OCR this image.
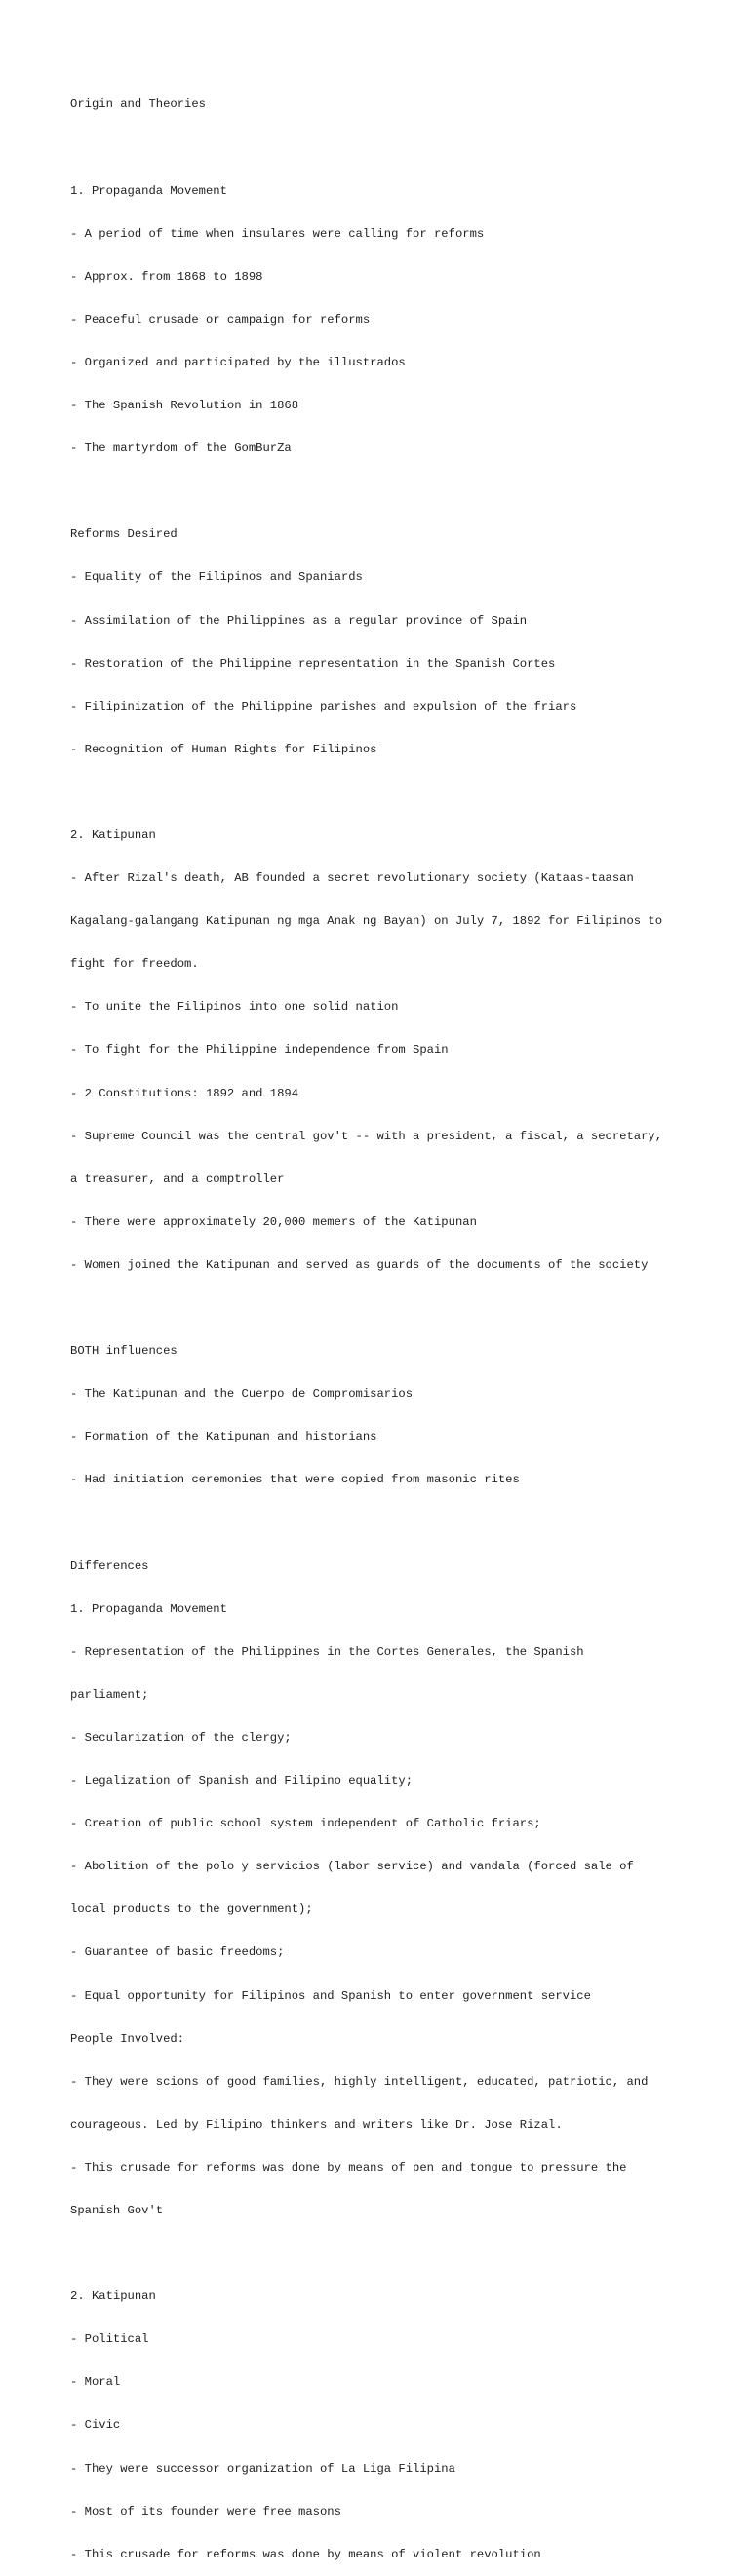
Origin and Theories

1. Propaganda Movement

- A period of time when insulares were calling for reforms

- Approx. from 1868 to 1898

- Peaceful crusade or campaign for reforms

- Organized and participated by the illustrados

- The Spanish Revolution in 1868

- The martyrdom of the GomBurZa

Reforms Desired

- Equality of the Filipinos and Spaniards

- Assimilation of the Philippines as a regular province of Spain

- Restoration of the Philippine representation in the Spanish Cortes

- Filipinization of the Philippine parishes and expulsion of the friars

- Recognition of Human Rights for Filipinos

2. Katipunan

- After Rizal's death, AB founded a secret revolutionary society (Kataas-taasan

Kagalang-galangang Katipunan ng mga Anak ng Bayan) on July 7, 1892 for Filipinos to

fight for freedom.

- To unite the Filipinos into one solid nation

- To fight for the Philippine independence from Spain

- 2 Constitutions: 1892 and 1894

- Supreme Council was the central gov't -- with a president, a fiscal, a secretary,

a treasurer, and a comptroller

- There were approximately 20,000 memers of the Katipunan

- Women joined the Katipunan and served as guards of the documents of the society

BOTH influences

- The Katipunan and the Cuerpo de Compromisarios

- Formation of the Katipunan and historians

- Had initiation ceremonies that were copied from masonic rites

Differences

1. Propaganda Movement

- Representation of the Philippines in the Cortes Generales, the Spanish

parliament;

- Secularization of the clergy;

- Legalization of Spanish and Filipino equality;

- Creation of public school system independent of Catholic friars;

- Abolition of the polo y servicios (labor service) and vandala (forced sale of

local products to the government);

- Guarantee of basic freedoms;

- Equal opportunity for Filipinos and Spanish to enter government service

People Involved:

- They were scions of good families, highly intelligent, educated, patriotic, and

courageous. Led by Filipino thinkers and writers like Dr. Jose Rizal.

- This crusade for reforms was done by means of pen and tongue to pressure the

Spanish Gov't

2. Katipunan

- Political

- Moral

- Civic

- They were successor organization of La Liga Filipina

- Most of its founder were free masons

- This crusade for reforms was done by means of violent revolution
